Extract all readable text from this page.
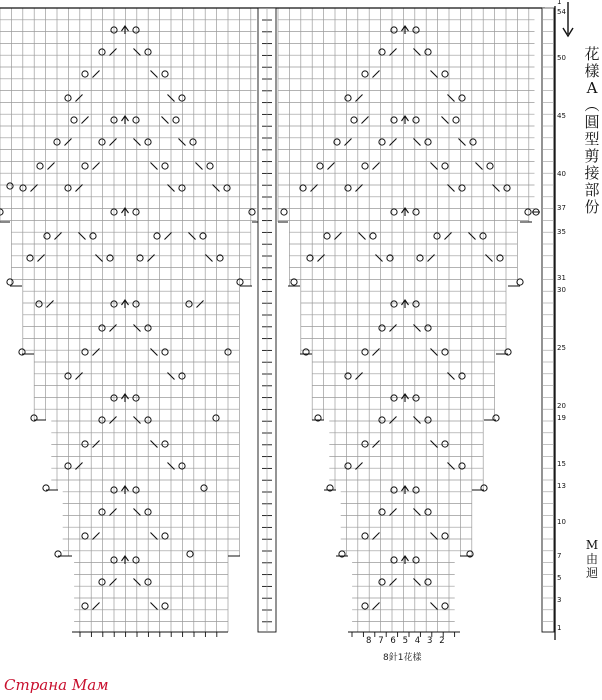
54
50
45
40
37
35
31
30
25
20
19
15
13
10
7
5
3
1
1
8 7 6 5 4 3 2
花
樣
A
︵
圓
型
剪
接
部
份
M
由
迴
8針1花樣
Страна Мам
